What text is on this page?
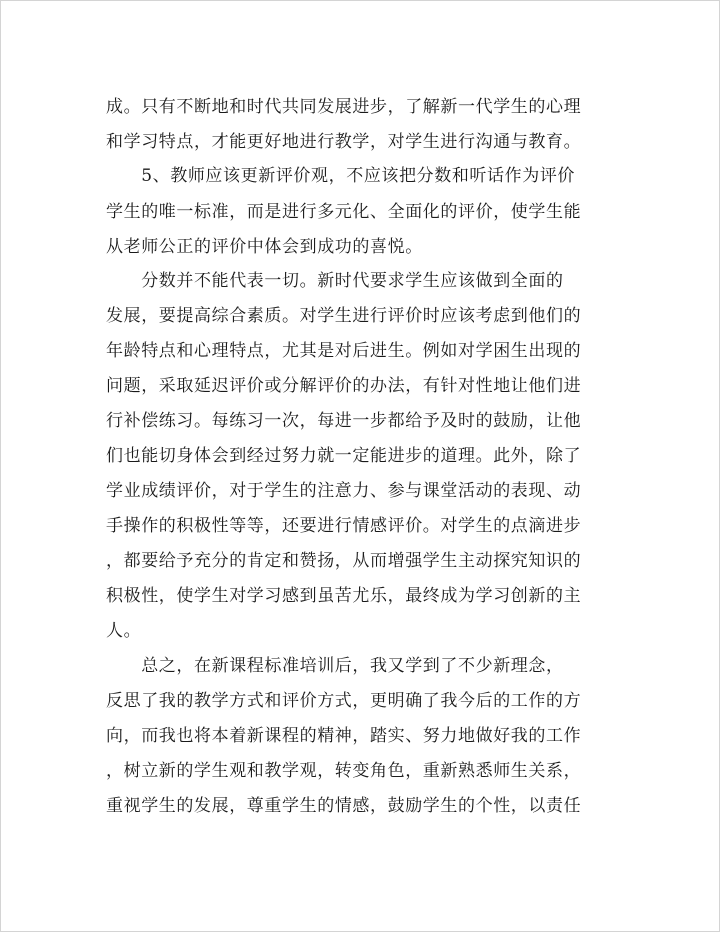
成。只有不断地和时代共同发展进步，了解新一代学生的心理
和学习特点，才能更好地进行教学，对学生进行沟通与教育。
　　5、教师应该更新评价观，不应该把分数和听话作为评价
学生的唯一标准，而是进行多元化、全面化的评价，使学生能
从老师公正的评价中体会到成功的喜悦。
　　分数并不能代表一切。新时代要求学生应该做到全面的
发展，要提高综合素质。对学生进行评价时应该考虑到他们的
年龄特点和心理特点，尤其是对后进生。例如对学困生出现的
问题，采取延迟评价或分解评价的办法，有针对性地让他们进
行补偿练习。每练习一次，每进一步都给予及时的鼓励，让他
们也能切身体会到经过努力就一定能进步的道理。此外，除了
学业成绩评价，对于学生的注意力、参与课堂活动的表现、动
手操作的积极性等等，还要进行情感评价。对学生的点滴进步
，都要给予充分的肯定和赞扬，从而增强学生主动探究知识的
积极性，使学生对学习感到虽苦尤乐，最终成为学习创新的主
人。
　　总之，在新课程标准培训后，我又学到了不少新理念，
反思了我的教学方式和评价方式，更明确了我今后的工作的方
向，而我也将本着新课程的精神，踏实、努力地做好我的工作
，树立新的学生观和教学观，转变角色，重新熟悉师生关系，
重视学生的发展，尊重学生的情感，鼓励学生的个性，以责任
